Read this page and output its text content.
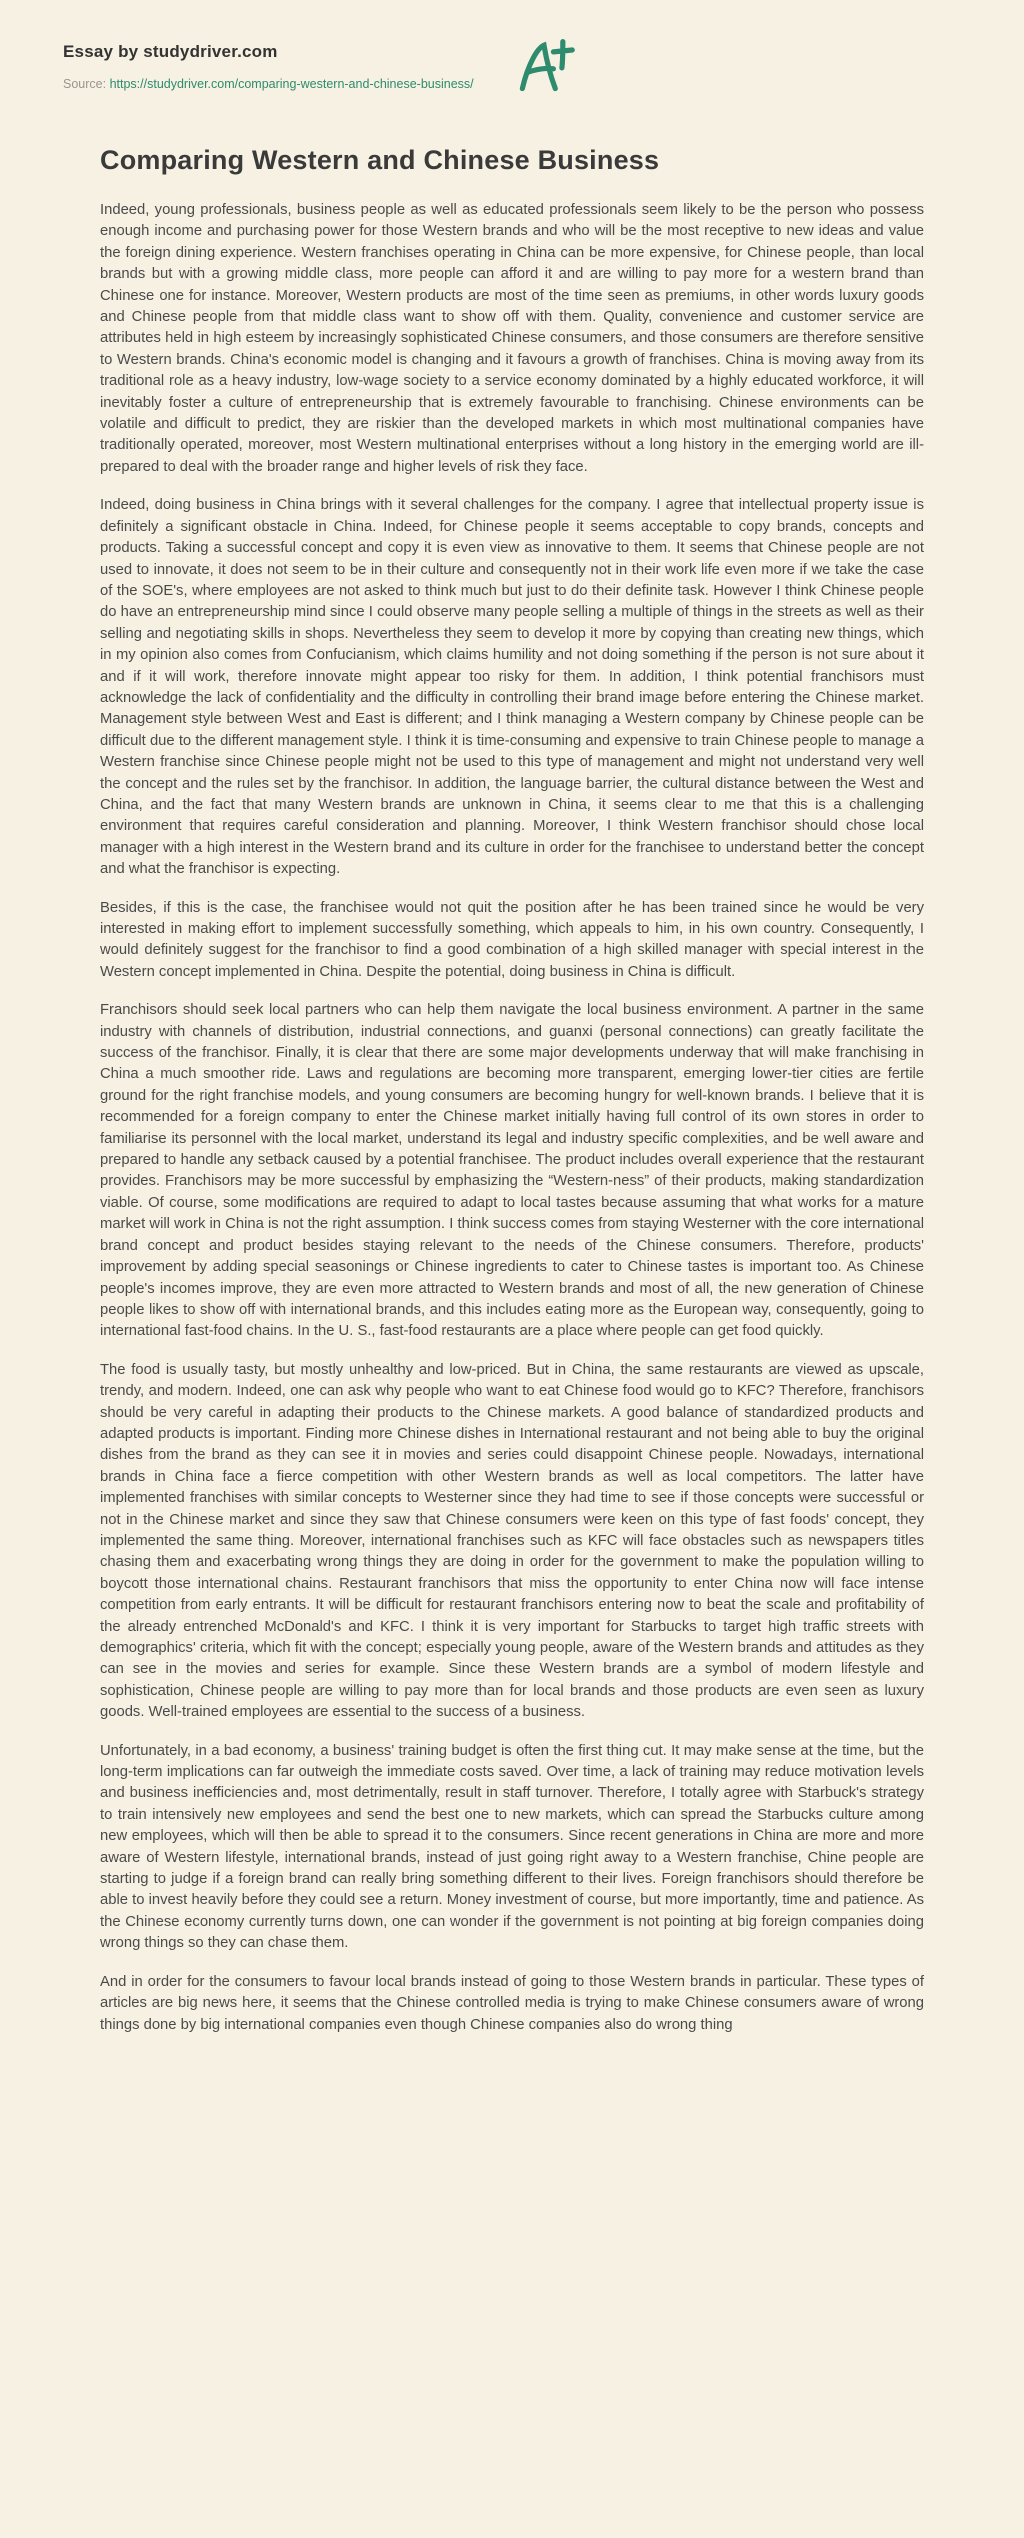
Essay by studydriver.com
Source: https://studydriver.com/comparing-western-and-chinese-business/
Comparing Western and Chinese Business

Indeed, young professionals, business people as well as educated professionals seem likely to be the person who possess enough income and purchasing power for those Western brands and who will be the most receptive to new ideas and value the foreign dining experience. Western franchises operating in China can be more expensive, for Chinese people, than local brands but with a growing middle class, more people can afford it and are willing to pay more for a western brand than Chinese one for instance. Moreover, Western products are most of the time seen as premiums, in other words luxury goods and Chinese people from that middle class want to show off with them. Quality, convenience and customer service are attributes held in high esteem by increasingly sophisticated Chinese consumers, and those consumers are therefore sensitive to Western brands. China's economic model is changing and it favours a growth of franchises. China is moving away from its traditional role as a heavy industry, low-wage society to a service economy dominated by a highly educated workforce, it will inevitably foster a culture of entrepreneurship that is extremely favourable to franchising. Chinese environments can be volatile and difficult to predict, they are riskier than the developed markets in which most multinational companies have traditionally operated, moreover, most Western multinational enterprises without a long history in the emerging world are ill-prepared to deal with the broader range and higher levels of risk they face.

Indeed, doing business in China brings with it several challenges for the company. I agree that intellectual property issue is definitely a significant obstacle in China. Indeed, for Chinese people it seems acceptable to copy brands, concepts and products. Taking a successful concept and copy it is even view as innovative to them. It seems that Chinese people are not used to innovate, it does not seem to be in their culture and consequently not in their work life even more if we take the case of the SOE's, where employees are not asked to think much but just to do their definite task. However I think Chinese people do have an entrepreneurship mind since I could observe many people selling a multiple of things in the streets as well as their selling and negotiating skills in shops. Nevertheless they seem to develop it more by copying than creating new things, which in my opinion also comes from Confucianism, which claims humility and not doing something if the person is not sure about it and if it will work, therefore innovate might appear too risky for them. In addition, I think potential franchisors must acknowledge the lack of confidentiality and the difficulty in controlling their brand image before entering the Chinese market. Management style between West and East is different; and I think managing a Western company by Chinese people can be difficult due to the different management style. I think it is time-consuming and expensive to train Chinese people to manage a Western franchise since Chinese people might not be used to this type of management and might not understand very well the concept and the rules set by the franchisor. In addition, the language barrier, the cultural distance between the West and China, and the fact that many Western brands are unknown in China, it seems clear to me that this is a challenging environment that requires careful consideration and planning. Moreover, I think Western franchisor should chose local manager with a high interest in the Western brand and its culture in order for the franchisee to understand better the concept and what the franchisor is expecting.

Besides, if this is the case, the franchisee would not quit the position after he has been trained since he would be very interested in making effort to implement successfully something, which appeals to him, in his own country. Consequently, I would definitely suggest for the franchisor to find a good combination of a high skilled manager with special interest in the Western concept implemented in China. Despite the potential, doing business in China is difficult.

Franchisors should seek local partners who can help them navigate the local business environment. A partner in the same industry with channels of distribution, industrial connections, and guanxi (personal connections) can greatly facilitate the success of the franchisor. Finally, it is clear that there are some major developments underway that will make franchising in China a much smoother ride. Laws and regulations are becoming more transparent, emerging lower-tier cities are fertile ground for the right franchise models, and young consumers are becoming hungry for well-known brands. I believe that it is recommended for a foreign company to enter the Chinese market initially having full control of its own stores in order to familiarise its personnel with the local market, understand its legal and industry specific complexities, and be well aware and prepared to handle any setback caused by a potential franchisee. The product includes overall experience that the restaurant provides. Franchisors may be more successful by emphasizing the “Western-ness” of their products, making standardization viable. Of course, some modifications are required to adapt to local tastes because assuming that what works for a mature market will work in China is not the right assumption. I think success comes from staying Westerner with the core international brand concept and product besides staying relevant to the needs of the Chinese consumers. Therefore, products' improvement by adding special seasonings or Chinese ingredients to cater to Chinese tastes is important too. As Chinese people's incomes improve, they are even more attracted to Western brands and most of all, the new generation of Chinese people likes to show off with international brands, and this includes eating more as the European way, consequently, going to international fast-food chains. In the U. S., fast-food restaurants are a place where people can get food quickly.

The food is usually tasty, but mostly unhealthy and low-priced. But in China, the same restaurants are viewed as upscale, trendy, and modern. Indeed, one can ask why people who want to eat Chinese food would go to KFC? Therefore, franchisors should be very careful in adapting their products to the Chinese markets. A good balance of standardized products and adapted products is important. Finding more Chinese dishes in International restaurant and not being able to buy the original dishes from the brand as they can see it in movies and series could disappoint Chinese people. Nowadays, international brands in China face a fierce competition with other Western brands as well as local competitors. The latter have implemented franchises with similar concepts to Westerner since they had time to see if those concepts were successful or not in the Chinese market and since they saw that Chinese consumers were keen on this type of fast foods' concept, they implemented the same thing. Moreover, international franchises such as KFC will face obstacles such as newspapers titles chasing them and exacerbating wrong things they are doing in order for the government to make the population willing to boycott those international chains. Restaurant franchisors that miss the opportunity to enter China now will face intense competition from early entrants. It will be difficult for restaurant franchisors entering now to beat the scale and profitability of the already entrenched McDonald's and KFC. I think it is very important for Starbucks to target high traffic streets with demographics' criteria, which fit with the concept; especially young people, aware of the Western brands and attitudes as they can see in the movies and series for example. Since these Western brands are a symbol of modern lifestyle and sophistication, Chinese people are willing to pay more than for local brands and those products are even seen as luxury goods. Well-trained employees are essential to the success of a business.

Unfortunately, in a bad economy, a business' training budget is often the first thing cut. It may make sense at the time, but the long-term implications can far outweigh the immediate costs saved. Over time, a lack of training may reduce motivation levels and business inefficiencies and, most detrimentally, result in staff turnover. Therefore, I totally agree with Starbuck's strategy to train intensively new employees and send the best one to new markets, which can spread the Starbucks culture among new employees, which will then be able to spread it to the consumers. Since recent generations in China are more and more aware of Western lifestyle, international brands, instead of just going right away to a Western franchise, Chine people are starting to judge if a foreign brand can really bring something different to their lives. Foreign franchisors should therefore be able to invest heavily before they could see a return. Money investment of course, but more importantly, time and patience. As the Chinese economy currently turns down, one can wonder if the government is not pointing at big foreign companies doing wrong things so they can chase them.

And in order for the consumers to favour local brands instead of going to those Western brands in particular. These types of articles are big news here, it seems that the Chinese controlled media is trying to make Chinese consumers aware of wrong things done by big international companies even though Chinese companies also do wrong thing
